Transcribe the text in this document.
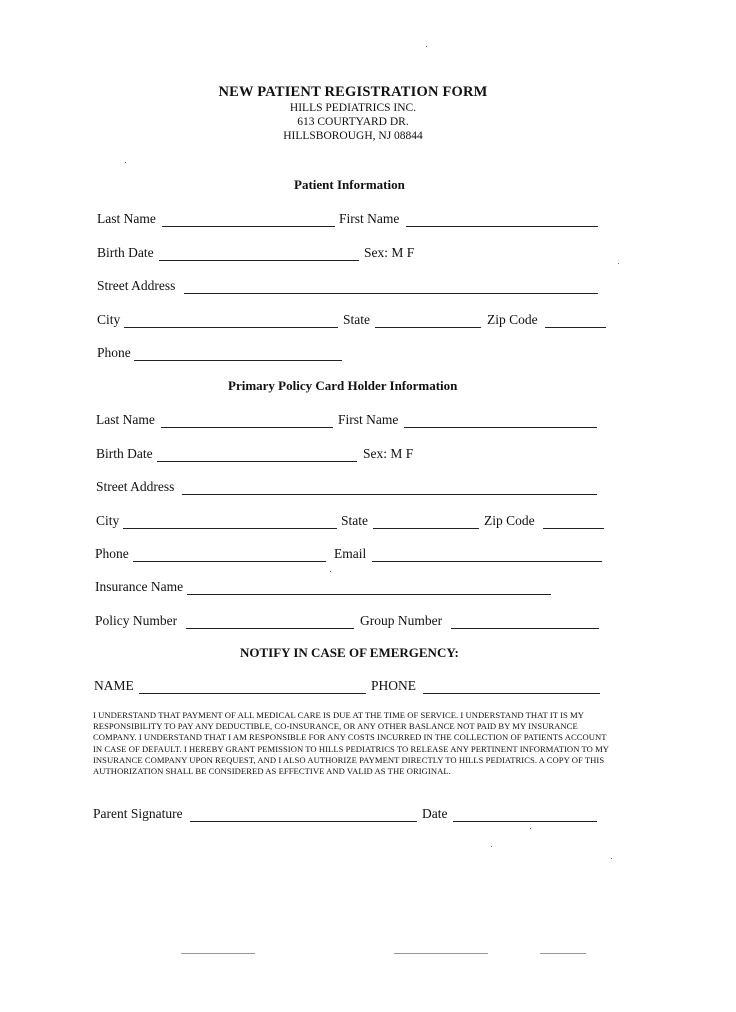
NEW PATIENT REGISTRATION FORM
HILLS PEDIATRICS INC.
613 COURTYARD DR.
HILLSBOROUGH, NJ 08844
Patient Information
Last Name	First Name
Birth Date	Sex: M F
Street Address
City	State	Zip Code
Phone
Primary Policy Card Holder Information
Last Name	First Name
Birth Date	Sex: M F
Street Address
City	State	Zip Code
Phone	Email
Insurance Name
Policy Number	Group Number
NOTIFY IN CASE OF EMERGENCY:
NAME	PHONE
I UNDERSTAND THAT PAYMENT OF ALL MEDICAL CARE IS DUE AT THE TIME OF SERVICE. I UNDERSTAND THAT IT IS MY RESPONSIBILITY TO PAY ANY DEDUCTIBLE, CO-INSURANCE, OR ANY OTHER BASLANCE NOT PAID BY MY INSURANCE COMPANY. I UNDERSTAND THAT I AM RESPONSIBLE FOR ANY COSTS INCURRED IN THE COLLECTION OF PATIENTS ACCOUNT IN CASE OF DEFAULT. I HEREBY GRANT PEMISSION TO HILLS PEDIATRICS TO RELEASE ANY PERTINENT INFORMATION TO MY INSURANCE COMPANY UPON REQUEST, AND I ALSO AUTHORIZE PAYMENT DIRECTLY TO HILLS PEDIATRICS. A COPY OF THIS AUTHORIZATION SHALL BE CONSIDERED AS EFFECTIVE AND VALID AS THE ORIGINAL.
Parent Signature	Date
